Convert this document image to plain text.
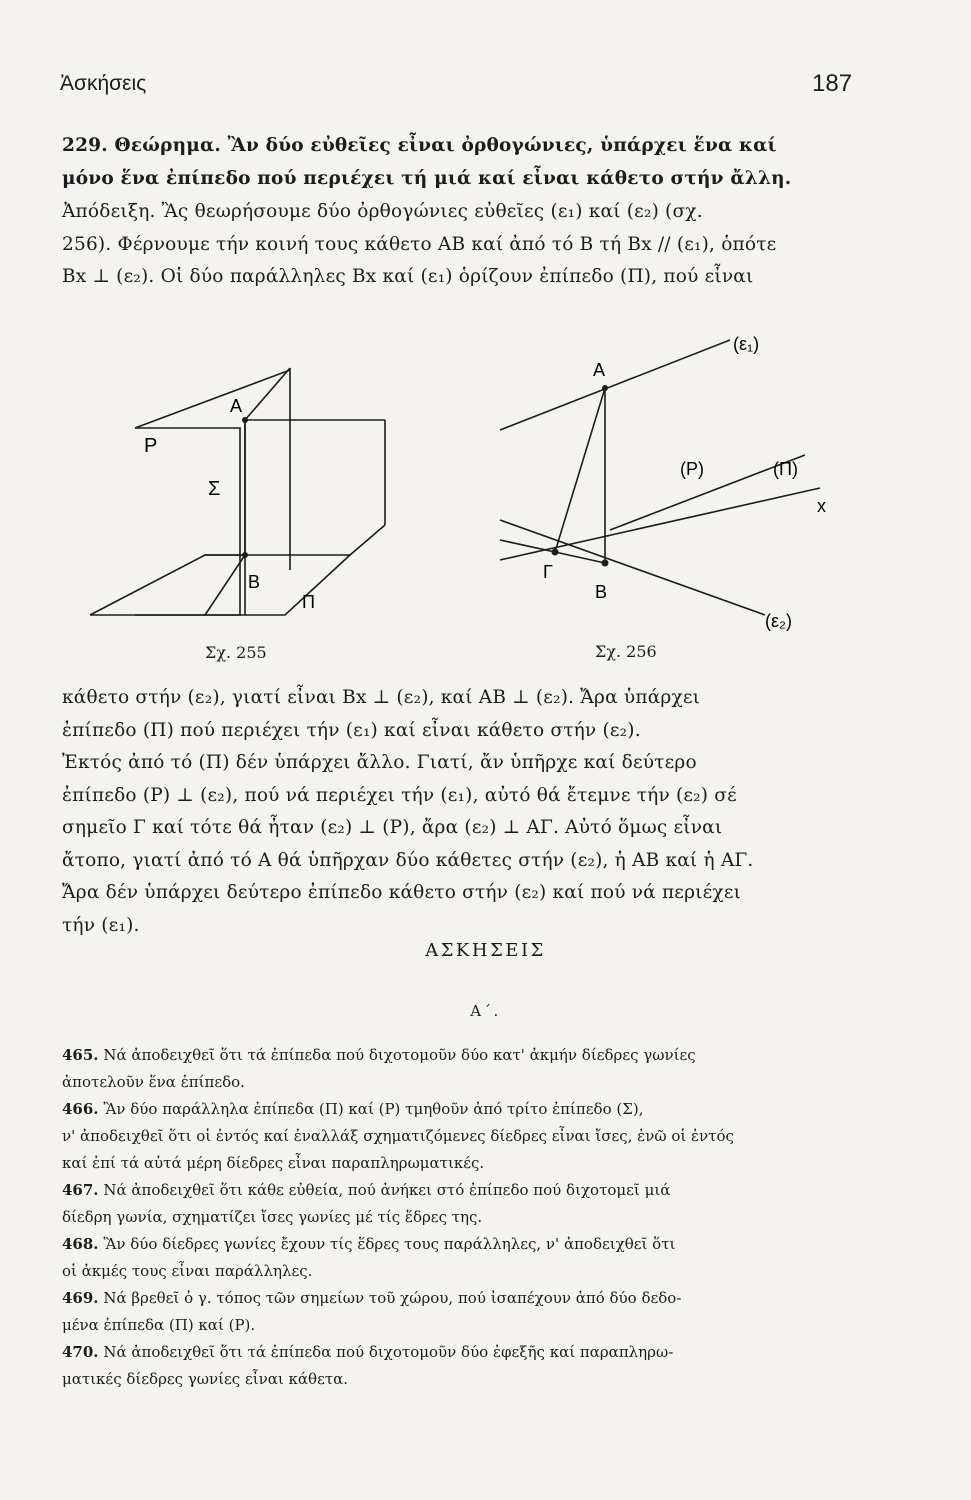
Ἀσκήσεις	187
229. Θεώρημα. Ἂν δύο εὐθεῖες εἶναι ὀρθογώνιες, ὑπάρχει ἕνα καί
μόνο ἕνα ἐπίπεδο πού περιέχει τή μιά καί εἶναι κάθετο στήν ἄλλη.
Ἀπόδειξη. Ἂς θεωρήσουμε δύο ὀρθογώνιες εὐθεῖες (ε₁) καί (ε₂) (σχ.
256). Φέρνουμε τήν κοινή τους κάθετο ΑΒ καί ἀπό τό Β τή Βx // (ε₁), ὁπότε
Βx ⊥ (ε₂). Οἱ δύο παράλληλες Βx καί (ε₁) ὁρίζουν ἐπίπεδο (Π), πού εἶναι
A
P
Σ
B
Π
Σχ. 255
(ε₁)
A
(P)	(Π)
x
Γ
B
(ε₂)
Σχ. 256
κάθετο στήν (ε₂), γιατί εἶναι Βx ⊥ (ε₂), καί ΑΒ ⊥ (ε₂). Ἄρα ὑπάρχει
ἐπίπεδο (Π) πού περιέχει τήν (ε₁) καί εἶναι κάθετο στήν (ε₂).
Ἐκτός ἀπό τό (Π) δέν ὑπάρχει ἄλλο. Γιατί, ἄν ὑπῆρχε καί δεύτερο
ἐπίπεδο (Ρ) ⊥ (ε₂), πού νά περιέχει τήν (ε₁), αὐτό θά ἔτεμνε τήν (ε₂) σέ
σημεῖο Γ καί τότε θά ἦταν (ε₂) ⊥ (Ρ), ἄρα (ε₂) ⊥ ΑΓ. Αὐτό ὅμως εἶναι
ἄτοπο, γιατί ἀπό τό Α θά ὑπῆρχαν δύο κάθετες στήν (ε₂), ἡ ΑΒ καί ἡ ΑΓ.
Ἄρα δέν ὑπάρχει δεύτερο ἐπίπεδο κάθετο στήν (ε₂) καί πού νά περιέχει
τήν (ε₁).
ΑΣΚΗΣΕΙΣ
Α΄.
465. Νά ἀποδειχθεῖ ὅτι τά ἐπίπεδα πού διχοτομοῦν δύο κατ' ἀκμήν δίεδρες γωνίες
ἀποτελοῦν ἕνα ἐπίπεδο.
466. Ἂν δύο παράλληλα ἐπίπεδα (Π) καί (Ρ) τμηθοῦν ἀπό τρίτο ἐπίπεδο (Σ),
ν' ἀποδειχθεῖ ὅτι οἱ ἐντός καί ἐναλλάξ σχηματιζόμενες δίεδρες εἶναι ἴσες, ἐνῶ οἱ ἐντός
καί ἐπί τά αὐτά μέρη δίεδρες εἶναι παραπληρωματικές.
467. Νά ἀποδειχθεῖ ὅτι κάθε εὐθεία, πού ἀνήκει στό ἐπίπεδο πού διχοτομεῖ μιά
δίεδρη γωνία, σχηματίζει ἴσες γωνίες μέ τίς ἕδρες της.
468. Ἂν δύο δίεδρες γωνίες ἔχουν τίς ἕδρες τους παράλληλες, ν' ἀποδειχθεῖ ὅτι
οἱ ἀκμές τους εἶναι παράλληλες.
469. Νά βρεθεῖ ὁ γ. τόπος τῶν σημείων τοῦ χώρου, πού ἰσαπέχουν ἀπό δύο δεδο-
μένα ἐπίπεδα (Π) καί (Ρ).
470. Νά ἀποδειχθεῖ ὅτι τά ἐπίπεδα πού διχοτομοῦν δύο ἐφεξῆς καί παραπληρω-
ματικές δίεδρες γωνίες εἶναι κάθετα.
